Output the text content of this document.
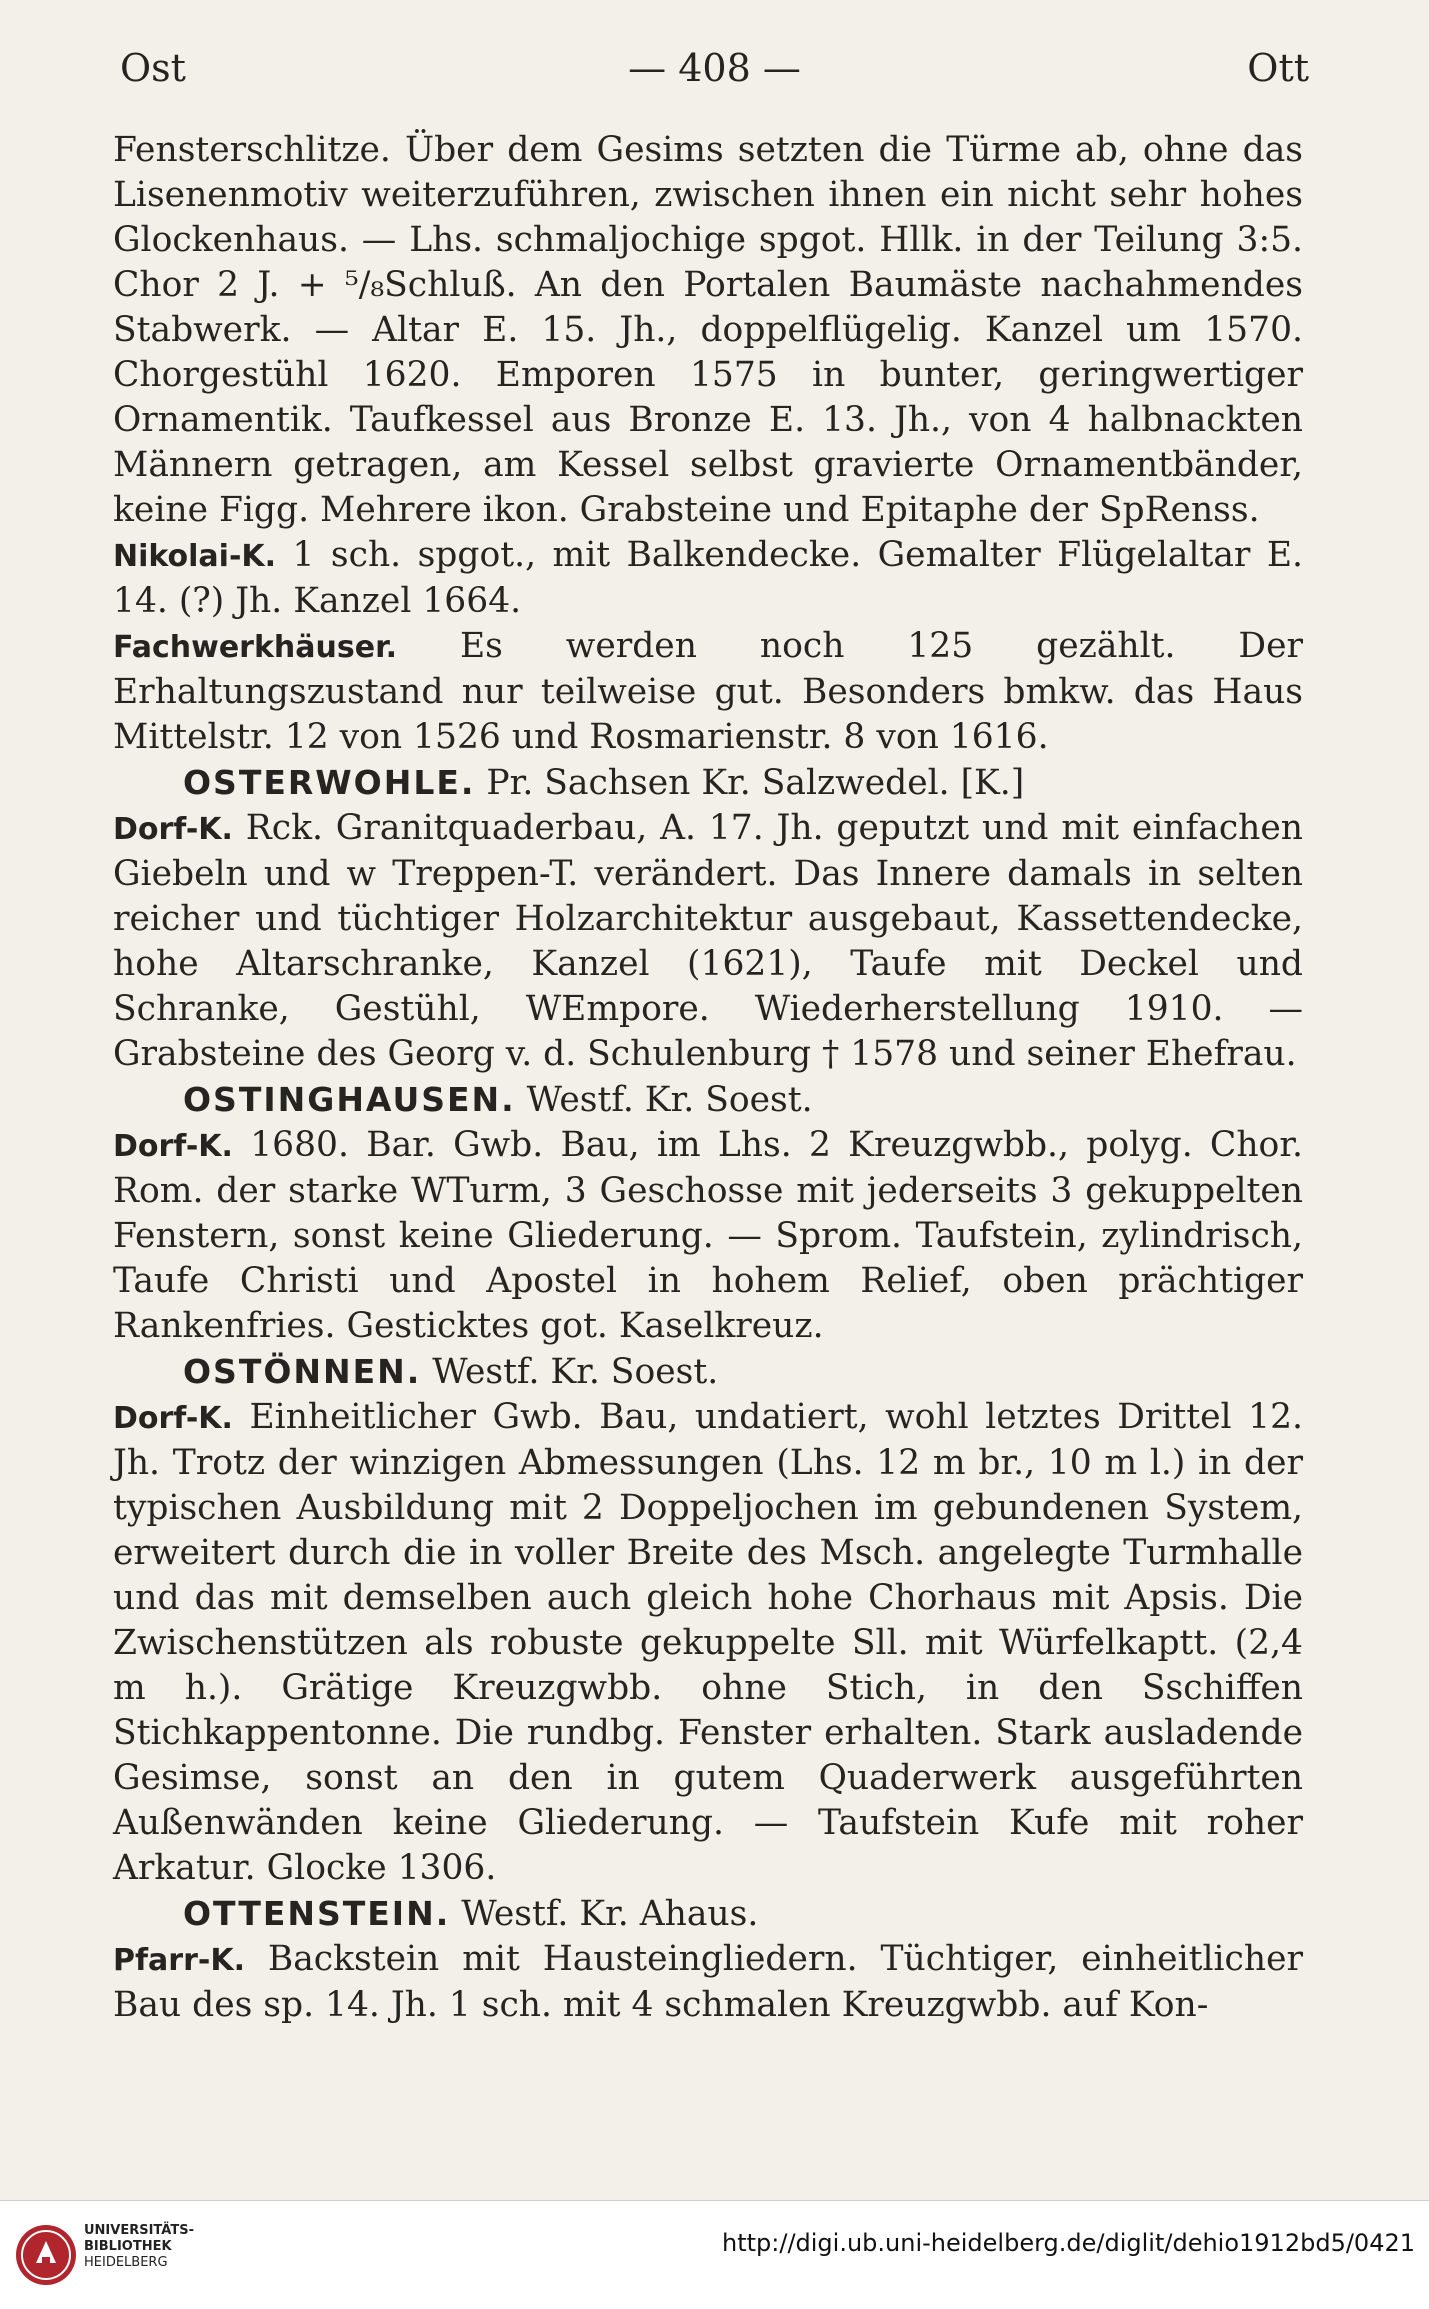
Ost	— 408 —	Ott

Fensterschlitze. Über dem Gesims setzten die Türme ab, ohne das Lisenenmotiv weiterzuführen, zwischen ihnen ein nicht sehr hohes Glockenhaus. — Lhs. schmaljochige spgot. Hllk. in der Teilung 3:5. Chor 2 J. + ⁵/₈Schluß. An den Portalen Baumäste nachahmendes Stabwerk. — Altar E. 15. Jh., doppelflügelig. Kanzel um 1570. Chorgestühl 1620. Emporen 1575 in bunter, geringwertiger Ornamentik. Taufkessel aus Bronze E. 13. Jh., von 4 halbnackten Männern getragen, am Kessel selbst gravierte Ornamentbänder, keine Figg. Mehrere ikon. Grabsteine und Epitaphe der SpRenss.

Nikolai-K. 1 sch. spgot., mit Balkendecke. Gemalter Flügelaltar E. 14. (?) Jh. Kanzel 1664.

Fachwerkhäuser. Es werden noch 125 gezählt. Der Erhaltungszustand nur teilweise gut. Besonders bmkw. das Haus Mittelstr. 12 von 1526 und Rosmarienstr. 8 von 1616.

OSTERWOHLE. Pr. Sachsen Kr. Salzwedel. [K.]

Dorf-K. Rck. Granitquaderbau, A. 17. Jh. geputzt und mit einfachen Giebeln und w Treppen-T. verändert. Das Innere damals in selten reicher und tüchtiger Holzarchitektur ausgebaut, Kassettendecke, hohe Altarschranke, Kanzel (1621), Taufe mit Deckel und Schranke, Gestühl, WEmpore. Wiederherstellung 1910. — Grabsteine des Georg v. d. Schulenburg † 1578 und seiner Ehefrau.

OSTINGHAUSEN. Westf. Kr. Soest.

Dorf-K. 1680. Bar. Gwb. Bau, im Lhs. 2 Kreuzgwbb., polyg. Chor. Rom. der starke WTurm, 3 Geschosse mit jederseits 3 gekuppelten Fenstern, sonst keine Gliederung. — Sprom. Taufstein, zylindrisch, Taufe Christi und Apostel in hohem Relief, oben prächtiger Rankenfries. Gesticktes got. Kaselkreuz.

OSTÖNNEN. Westf. Kr. Soest.

Dorf-K. Einheitlicher Gwb. Bau, undatiert, wohl letztes Drittel 12. Jh. Trotz der winzigen Abmessungen (Lhs. 12 m br., 10 m l.) in der typischen Ausbildung mit 2 Doppeljochen im gebundenen System, erweitert durch die in voller Breite des Msch. angelegte Turmhalle und das mit demselben auch gleich hohe Chorhaus mit Apsis. Die Zwischenstützen als robuste gekuppelte Sll. mit Würfelkaptt. (2,4 m h.). Grätige Kreuzgwbb. ohne Stich, in den Sschiffen Stichkappentonne. Die rundbg. Fenster erhalten. Stark ausladende Gesimse, sonst an den in gutem Quaderwerk ausgeführten Außenwänden keine Gliederung. — Taufstein Kufe mit roher Arkatur. Glocke 1306.

OTTENSTEIN. Westf. Kr. Ahaus.

Pfarr-K. Backstein mit Hausteingliedern. Tüchtiger, einheitlicher Bau des sp. 14. Jh. 1 sch. mit 4 schmalen Kreuzgwbb. auf Kon-

UNIVERSITÄTS-
BIBLIOTHEK
HEIDELBERG
http://digi.ub.uni-heidelberg.de/diglit/dehio1912bd5/0421
